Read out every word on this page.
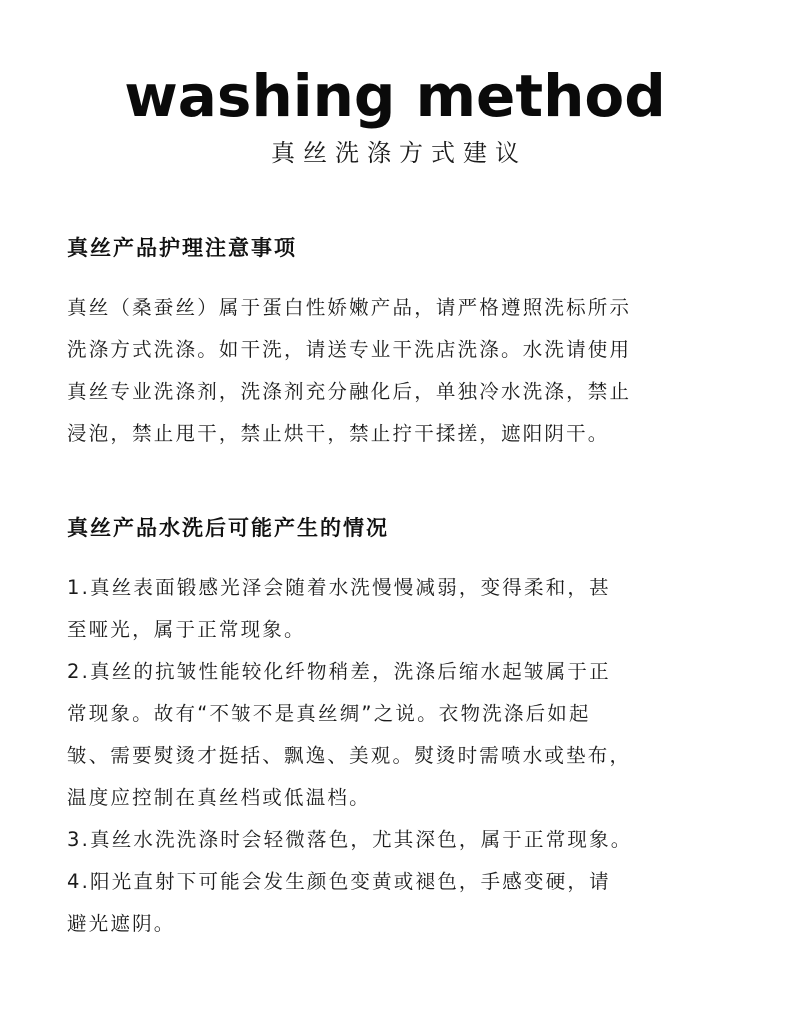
washing method
真丝洗涤方式建议
真丝产品护理注意事项

真丝（桑蚕丝）属于蛋白性娇嫩产品，请严格遵照洗标所示
洗涤方式洗涤。如干洗，请送专业干洗店洗涤。水洗请使用
真丝专业洗涤剂，洗涤剂充分融化后，单独冷水洗涤，禁止
浸泡，禁止甩干，禁止烘干，禁止拧干揉搓，遮阳阴干。

真丝产品水洗后可能产生的情况

1.真丝表面锻感光泽会随着水洗慢慢减弱，变得柔和，甚
至哑光，属于正常现象。
2.真丝的抗皱性能较化纤物稍差，洗涤后缩水起皱属于正
常现象。故有“不皱不是真丝绸”之说。衣物洗涤后如起
皱、需要熨烫才挺括、飘逸、美观。熨烫时需喷水或垫布，
温度应控制在真丝档或低温档。
3.真丝水洗洗涤时会轻微落色，尤其深色，属于正常现象。
4.阳光直射下可能会发生颜色变黄或褪色，手感变硬，请
避光遮阴。
